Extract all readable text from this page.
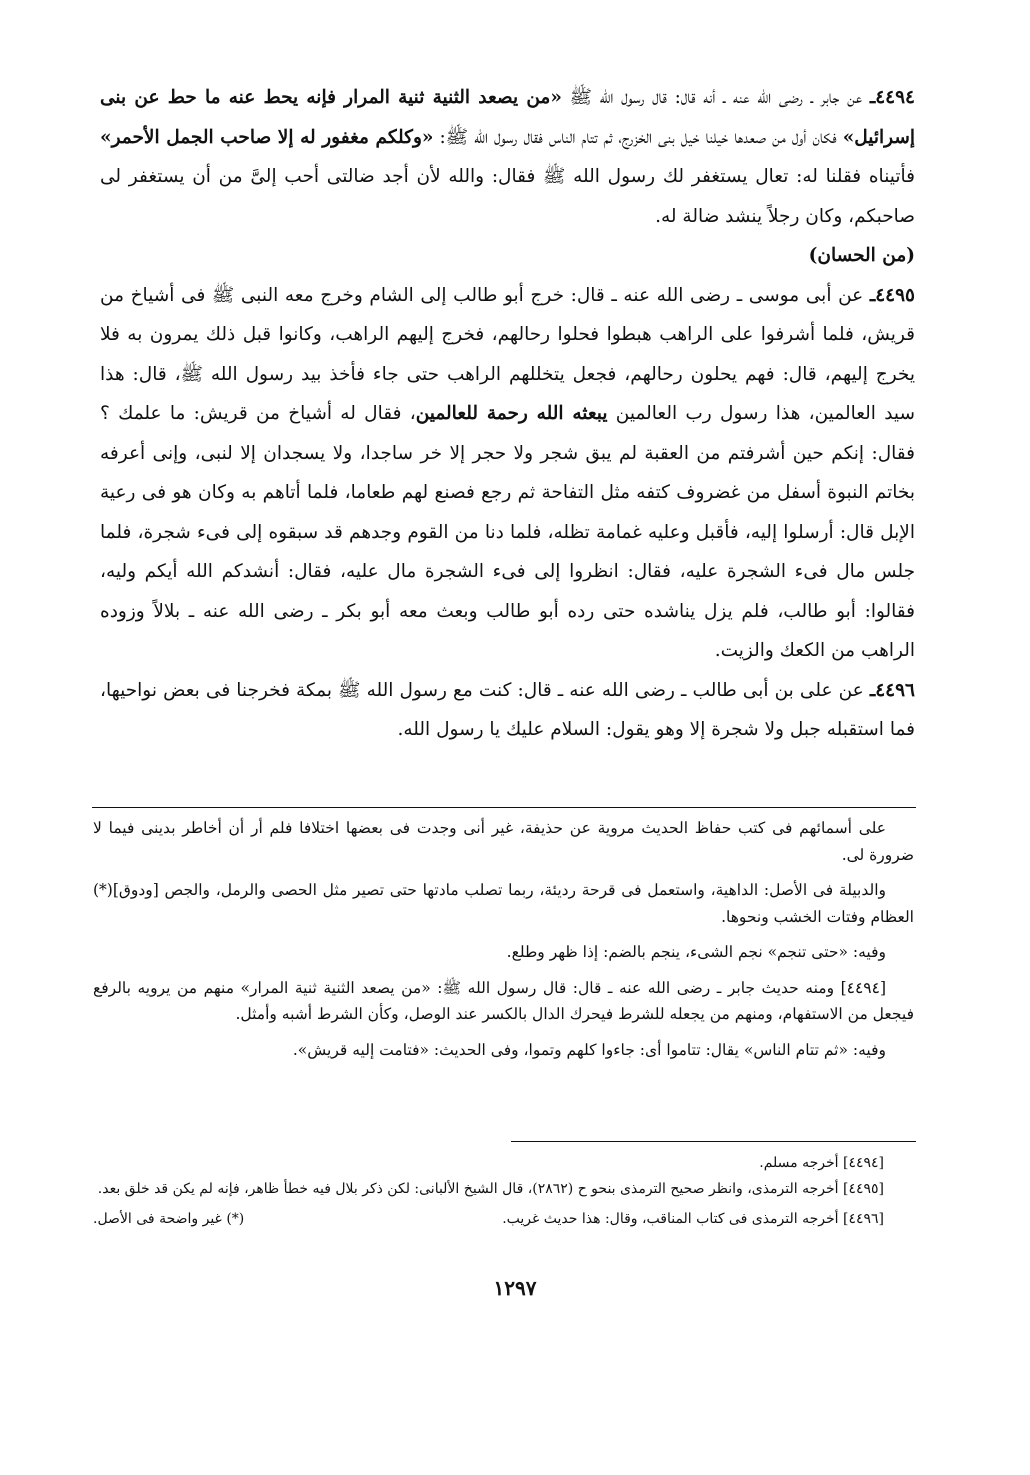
٤٤٩٤ـ عن جابر ـ رضى الله عنه ـ أنه قال: قال رسول الله ﷺ «من يصعد الثنية ثنية المرار فإنه يحط عنه ما حط عن بنى إسرائيل» فكان أول من صعدها خيلنا خيل بنى الخزرج، ثم تتام الناس فقال رسول الله ﷺ: «وكلكم مغفور له إلا صاحب الجمل الأحمر» فأتيناه فقلنا له: تعال يستغفر لك رسول الله ﷺ فقال: والله لأن أجد ضالتى أحب إلىَّ من أن يستغفر لى صاحبكم، وكان رجلاً ينشد ضالة له.

(من الحسان)

٤٤٩٥ـ عن أبى موسى ـ رضى الله عنه ـ قال: خرج أبو طالب إلى الشام وخرج معه النبى ﷺ فى أشياخ من قريش، فلما أشرفوا على الراهب هبطوا فحلوا رحالهم، فخرج إليهم الراهب، وكانوا قبل ذلك يمرون به فلا يخرج إليهم، قال: فهم يحلون رحالهم، فجعل يتخللهم الراهب حتى جاء فأخذ بيد رسول الله ﷺ، قال: هذا سيد العالمين، هذا رسول رب العالمين يبعثه الله رحمة للعالمين، فقال له أشياخ من قريش: ما علمك ؟ فقال: إنكم حين أشرفتم من العقبة لم يبق شجر ولا حجر إلا خر ساجدا، ولا يسجدان إلا لنبى، وإنى أعرفه بخاتم النبوة أسفل من غضروف كتفه مثل التفاحة ثم رجع فصنع لهم طعاما، فلما أتاهم به وكان هو فى رعية الإبل قال: أرسلوا إليه، فأقبل وعليه غمامة تظله، فلما دنا من القوم وجدهم قد سبقوه إلى فىء شجرة، فلما جلس مال فىء الشجرة عليه، فقال: انظروا إلى فىء الشجرة مال عليه، فقال: أنشدكم الله أيكم وليه، فقالوا: أبو طالب، فلم يزل يناشده حتى رده أبو طالب وبعث معه أبو بكر ـ رضى الله عنه ـ بلالاً وزوده الراهب من الكعك والزيت.

٤٤٩٦ـ عن على بن أبى طالب ـ رضى الله عنه ـ قال: كنت مع رسول الله ﷺ بمكة فخرجنا فى بعض نواحيها، فما استقبله جبل ولا شجرة إلا وهو يقول: السلام عليك يا رسول الله.

على أسمائهم فى كتب حفاظ الحديث مروية عن حذيفة، غير أنى وجدت فى بعضها اختلافا فلم أر أن أخاطر بدينى فيما لا ضرورة لى.

والدبيلة فى الأصل: الداهية، واستعمل فى قرحة رديئة، ربما تصلب مادتها حتى تصير مثل الحصى والرمل، والجص [ودوق](*) العظام وفتات الخشب ونحوها.

وفيه: «حتى تنجم» نجم الشىء، ينجم بالضم: إذا ظهر وطلع.

[٤٤٩٤] ومنه حديث جابر ـ رضى الله عنه ـ قال: قال رسول الله ﷺ: «من يصعد الثنية ثنية المرار» منهم من يرويه بالرفع فيجعل من الاستفهام، ومنهم من يجعله للشرط فيحرك الدال بالكسر عند الوصل، وكأن الشرط أشبه وأمثل.

وفيه: «ثم تتام الناس» يقال: تتاموا أى: جاءوا كلهم وتموا، وفى الحديث: «فتامت إليه قريش».

[٤٤٩٤] أخرجه مسلم.

[٤٤٩٥] أخرجه الترمذى، وانظر صحيح الترمذى بنحو ح (٢٨٦٢)، قال الشيخ الألبانى: لكن ذكر بلال فيه خطأ ظاهر، فإنه لم يكن قد خلق بعد.

[٤٤٩٦] أخرجه الترمذى فى كتاب المناقب، وقال: هذا حديث غريب.
(*) غير واضحة فى الأصل.
١٢٩٧
